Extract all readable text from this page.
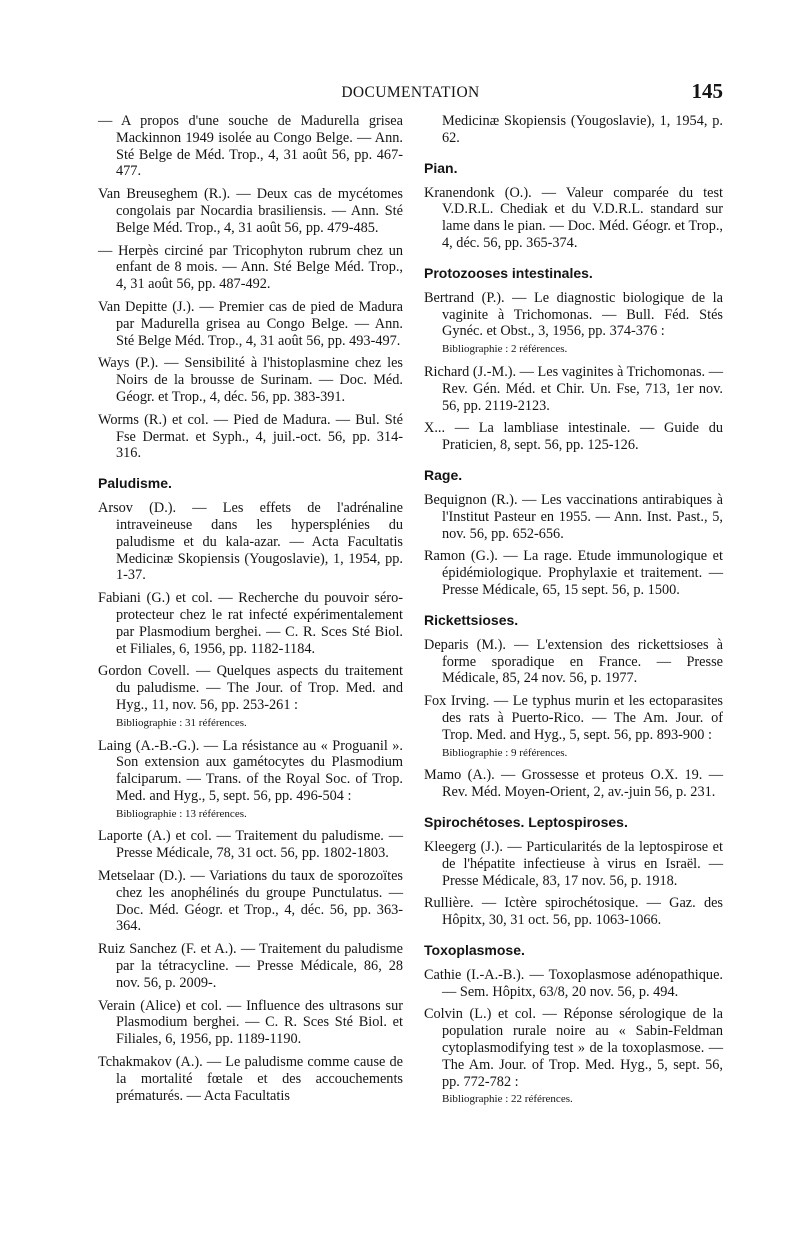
DOCUMENTATION	145
— A propos d'une souche de Madurella grisea Mackinnon 1949 isolée au Congo Belge. — Ann. Sté Belge de Méd. Trop., 4, 31 août 56, pp. 467-477.
Van Breuseghem (R.). — Deux cas de mycétomes congolais par Nocardia brasiliensis. — Ann. Sté Belge Méd. Trop., 4, 31 août 56, pp. 479-485.
— Herpès circiné par Tricophyton rubrum chez un enfant de 8 mois. — Ann. Sté Belge Méd. Trop., 4, 31 août 56, pp. 487-492.
Van Depitte (J.). — Premier cas de pied de Madura par Madurella grisea au Congo Belge. — Ann. Sté Belge Méd. Trop., 4, 31 août 56, pp. 493-497.
Ways (P.). — Sensibilité à l'histoplasmine chez les Noirs de la brousse de Surinam. — Doc. Méd. Géogr. et Trop., 4, déc. 56, pp. 383-391.
Worms (R.) et col. — Pied de Madura. — Bul. Sté Fse Dermat. et Syph., 4, juil.-oct. 56, pp. 314-316.
Paludisme.
Arsov (D.). — Les effets de l'adrénaline intraveineuse dans les hypersplénies du paludisme et du kala-azar. — Acta Facultatis Medicinæ Skopiensis (Yougoslavie), 1, 1954, pp. 1-37.
Fabiani (G.) et col. — Recherche du pouvoir séro-protecteur chez le rat infecté expérimentalement par Plasmodium berghei. — C. R. Sces Sté Biol. et Filiales, 6, 1956, pp. 1182-1184.
Gordon Covell. — Quelques aspects du traitement du paludisme. — The Jour. of Trop. Med. and Hyg., 11, nov. 56, pp. 253-261 :
Bibliographie : 31 références.
Laing (A.-B.-G.). — La résistance au « Proguanil ». Son extension aux gamétocytes du Plasmodium falciparum. — Trans. of the Royal Soc. of Trop. Med. and Hyg., 5, sept. 56, pp. 496-504 :
Bibliographie : 13 références.
Laporte (A.) et col. — Traitement du paludisme. — Presse Médicale, 78, 31 oct. 56, pp. 1802-1803.
Metselaar (D.). — Variations du taux de sporozoïtes chez les anophélinés du groupe Punctulatus. — Doc. Méd. Géogr. et Trop., 4, déc. 56, pp. 363-364.
Ruiz Sanchez (F. et A.). — Traitement du paludisme par la tétracycline. — Presse Médicale, 86, 28 nov. 56, p. 2009-.
Verain (Alice) et col. — Influence des ultrasons sur Plasmodium berghei. — C. R. Sces Sté Biol. et Filiales, 6, 1956, pp. 1189-1190.
Tchakmakov (A.). — Le paludisme comme cause de la mortalité fœtale et des accouchements prématurés. — Acta Facultatis
Medicinæ Skopiensis (Yougoslavie), 1, 1954, p. 62.
Pian.
Kranendonk (O.). — Valeur comparée du test V.D.R.L. Chediak et du V.D.R.L. standard sur lame dans le pian. — Doc. Méd. Géogr. et Trop., 4, déc. 56, pp. 365-374.
Protozooses intestinales.
Bertrand (P.). — Le diagnostic biologique de la vaginite à Trichomonas. — Bull. Féd. Stés Gynéc. et Obst., 3, 1956, pp. 374-376 :
Bibliographie : 2 références.
Richard (J.-M.). — Les vaginites à Trichomonas. — Rev. Gén. Méd. et Chir. Un. Fse, 713, 1er nov. 56, pp. 2119-2123.
X... — La lambliase intestinale. — Guide du Praticien, 8, sept. 56, pp. 125-126.
Rage.
Bequignon (R.). — Les vaccinations antirabiques à l'Institut Pasteur en 1955. — Ann. Inst. Past., 5, nov. 56, pp. 652-656.
Ramon (G.). — La rage. Etude immunologique et épidémiologique. Prophylaxie et traitement. — Presse Médicale, 65, 15 sept. 56, p. 1500.
Rickettsioses.
Deparis (M.). — L'extension des rickettsioses à forme sporadique en France. — Presse Médicale, 85, 24 nov. 56, p. 1977.
Fox Irving. — Le typhus murin et les ectoparasites des rats à Puerto-Rico. — The Am. Jour. of Trop. Med. and Hyg., 5, sept. 56, pp. 893-900 :
Bibliographie : 9 références.
Mamo (A.). — Grossesse et proteus O.X. 19. — Rev. Méd. Moyen-Orient, 2, av.-juin 56, p. 231.
Spirochétoses. Leptospiroses.
Kleegerg (J.). — Particularités de la leptospirose et de l'hépatite infectieuse à virus en Israël. — Presse Médicale, 83, 17 nov. 56, p. 1918.
Rullière. — Ictère spirochétosique. — Gaz. des Hôpitx, 30, 31 oct. 56, pp. 1063-1066.
Toxoplasmose.
Cathie (I.-A.-B.). — Toxoplasmose adénopathique. — Sem. Hôpitx, 63/8, 20 nov. 56, p. 494.
Colvin (L.) et col. — Réponse sérologique de la population rurale noire au « Sabin-Feldman cytoplasmodifying test » de la toxoplasmose. — The Am. Jour. of Trop. Med. Hyg., 5, sept. 56, pp. 772-782 :
Bibliographie : 22 références.
